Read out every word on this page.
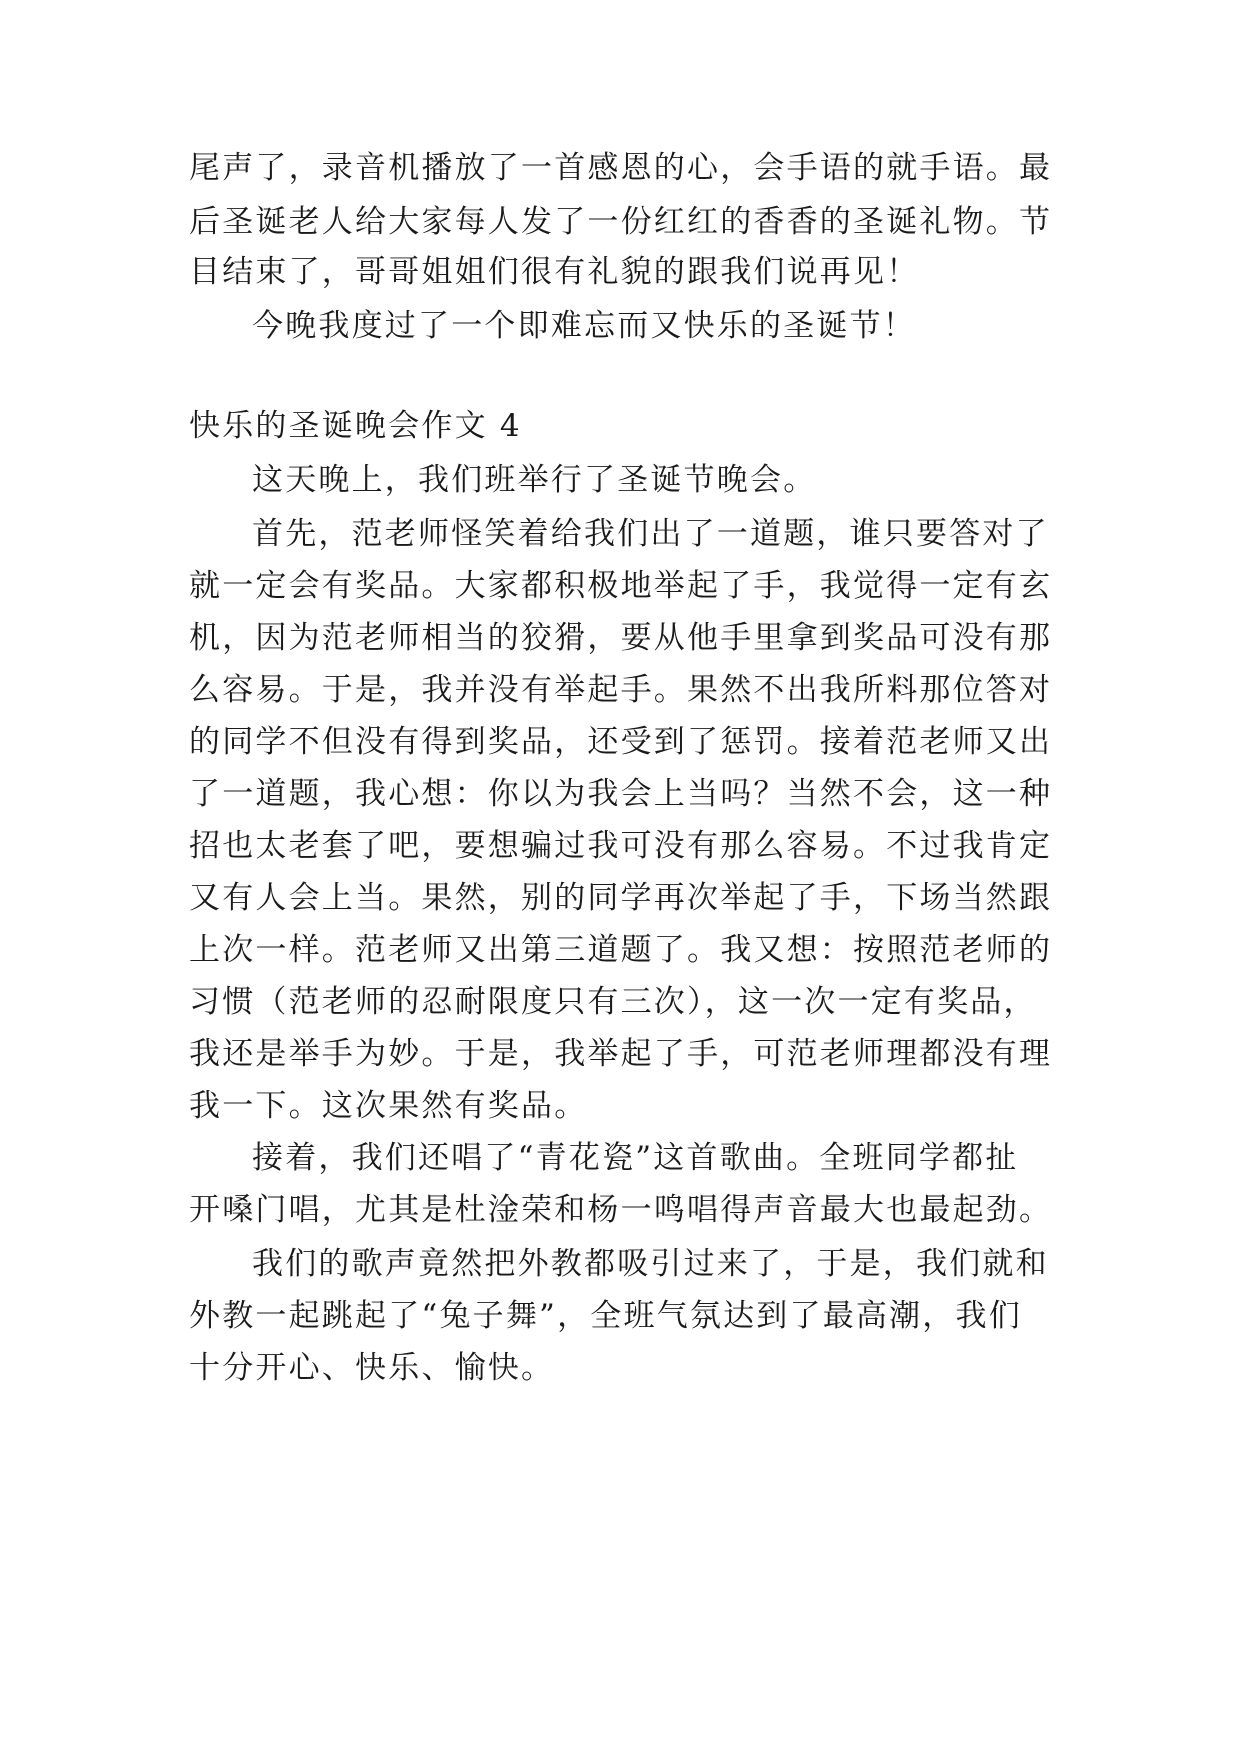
尾声了，录音机播放了一首感恩的心，会手语的就手语。最
后圣诞老人给大家每人发了一份红红的香香的圣诞礼物。节
目结束了，哥哥姐姐们很有礼貌的跟我们说再见！
今晚我度过了一个即难忘而又快乐的圣诞节！
快乐的圣诞晚会作文 4
这天晚上，我们班举行了圣诞节晚会。
首先，范老师怪笑着给我们出了一道题，谁只要答对了
就一定会有奖品。大家都积极地举起了手，我觉得一定有玄
机，因为范老师相当的狡猾，要从他手里拿到奖品可没有那
么容易。于是，我并没有举起手。果然不出我所料那位答对
的同学不但没有得到奖品，还受到了惩罚。接着范老师又出
了一道题，我心想：你以为我会上当吗？当然不会，这一种
招也太老套了吧，要想骗过我可没有那么容易。不过我肯定
又有人会上当。果然，别的同学再次举起了手，下场当然跟
上次一样。范老师又出第三道题了。我又想：按照范老师的
习惯（范老师的忍耐限度只有三次），这一次一定有奖品，
我还是举手为妙。于是，我举起了手，可范老师理都没有理
我一下。这次果然有奖品。
接着，我们还唱了“青花瓷”这首歌曲。全班同学都扯
开嗓门唱，尤其是杜淦荣和杨一鸣唱得声音最大也最起劲。
我们的歌声竟然把外教都吸引过来了，于是，我们就和
外教一起跳起了“兔子舞”，全班气氛达到了最高潮，我们
十分开心、快乐、愉快。
